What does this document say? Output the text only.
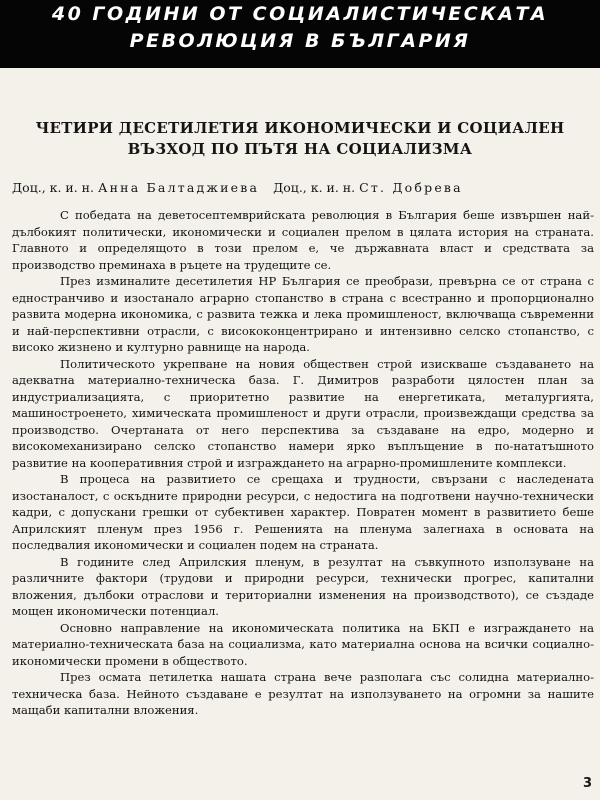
40 ГОДИНИ ОТ СОЦИАЛИСТИЧЕСКАТА
РЕВОЛЮЦИЯ В БЪЛГАРИЯ
ЧЕТИРИ ДЕСЕТИЛЕТИЯ ИКОНОМИЧЕСКИ И СОЦИАЛЕН
ВЪЗХОД ПО ПЪТЯ НА СОЦИАЛИЗМА
Доц., к. и. н. Анна Балтаджиева Доц., к. и. н. Ст. Добрева

С победата на деветосептемврийската революция в България беше извършен най-дълбокият политически, икономически и социален прелом в цялата история на страната. Главното и определящото в този прелом е, че държавната власт и средствата за производство преминаха в ръцете на трудещите се.

През изминалите десетилетия НР България се преобрази, превърна се от страна с едностранчиво и изостанало аграрно стопанство в страна с всестранно и пропорционално развита модерна икономика, с развита тежка и лека промишленост, включваща съвременни и най-перспективни отрасли, с висококонцентрирано и интензивно селско стопанство, с високо жизнено и културно равнище на народа.

Политическото укрепване на новия обществен строй изискваше създаването на адекватна материално-техническа база. Г. Димитров разработи цялостен план за индустриализацията, с приоритетно развитие на енергетиката, металургията, машиностроенето, химическата промишленост и други отрасли, произвеждащи средства за производство. Очертаната от него перспектива за създаване на едро, модерно и високомеханизирано селско стопанство намери ярко въплъщение в по-нататъшното развитие на кооперативния строй и изграждането на аграрно-промишлените комплекси.

В процеса на развитието се срещаха и трудности, свързани с наследената изостаналост, с оскъдните природни ресурси, с недостига на подготвени научно-технически кадри, с допускани грешки от субективен характер. Повратен момент в развитието беше Априлският пленум през 1956 г. Решенията на пленума залегнаха в основата на последвалия икономически и социален подем на страната.

В годините след Априлския пленум, в резултат на съвкупното използуване на различните фактори (трудови и природни ресурси, технически прогрес, капитални вложения, дълбоки отраслови и териториални изменения на производството), се създаде мощен икономически потенциал.

Основно направление на икономическата политика на БКП е изграждането на материално-техническата база на социализма, като материална основа на всички социално-икономически промени в обществото.

През осмата петилетка нашата страна вече разполага със солидна материално-техническа база. Нейното създаване е резултат на използуването на огромни за нашите мащаби капитални вложения.

3
